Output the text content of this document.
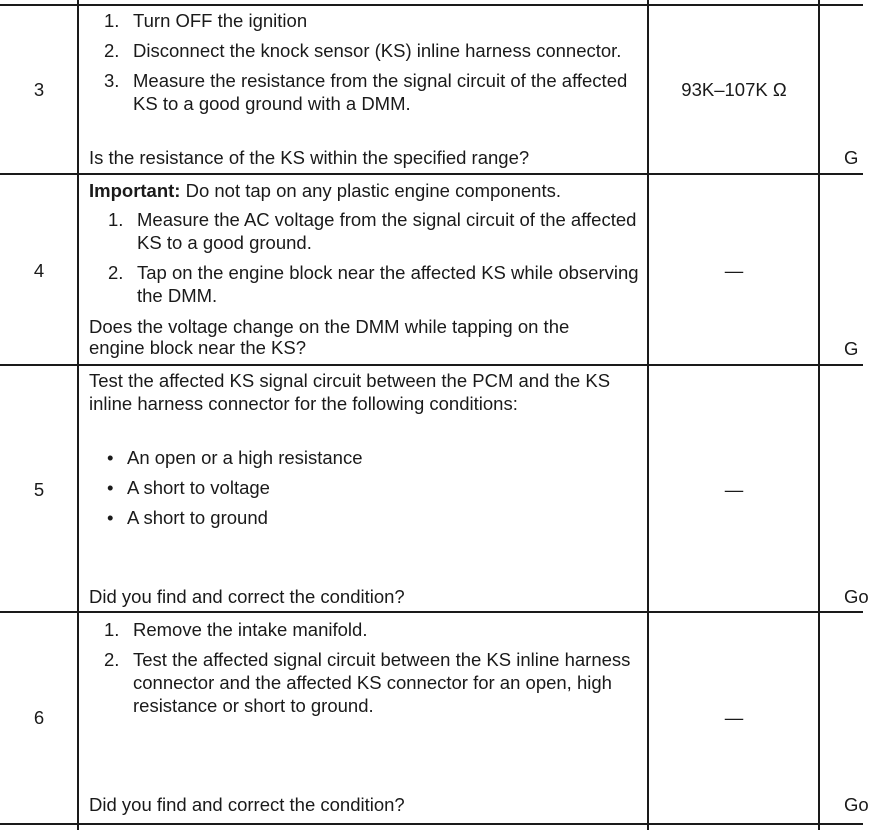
3
1. Turn OFF the ignition
2. Disconnect the knock sensor (KS) inline harness connector.
3. Measure the resistance from the signal circuit of the affected KS to a good ground with a DMM.
Is the resistance of the KS within the specified range?
93K–107K Ω
G
4
Important: Do not tap on any plastic engine components.
1. Measure the AC voltage from the signal circuit of the affected KS to a good ground.
2. Tap on the engine block near the affected KS while observing the DMM.
Does the voltage change on the DMM while tapping on the engine block near the KS?
—
G
5
Test the affected KS signal circuit between the PCM and the KS inline harness connector for the following conditions:
• An open or a high resistance
• A short to voltage
• A short to ground
Did you find and correct the condition?
—
Go
6
1. Remove the intake manifold.
2. Test the affected signal circuit between the KS inline harness connector and the affected KS connector for an open, high resistance or short to ground.
Did you find and correct the condition?
—
Go
